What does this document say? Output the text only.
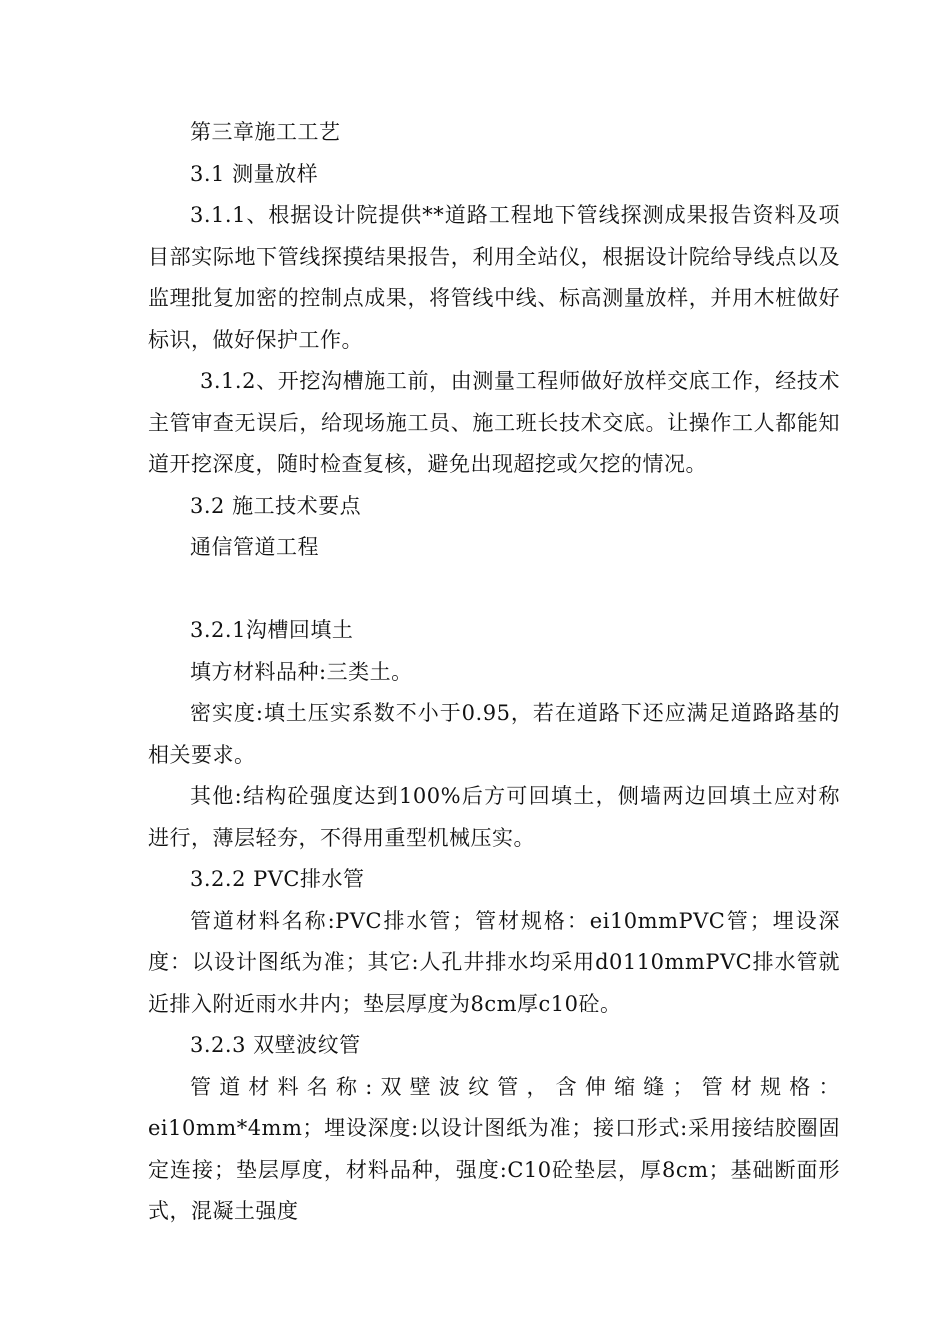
第三章施工工艺

3.1 测量放样

3.1.1、根据设计院提供**道路工程地下管线探测成果报告资料及项目部实际地下管线探摸结果报告，利用全站仪，根据设计院给导线点以及监理批复加密的控制点成果，将管线中线、标高测量放样，并用木桩做好标识，做好保护工作。

3.1.2、开挖沟槽施工前，由测量工程师做好放样交底工作，经技术主管审查无误后，给现场施工员、施工班长技术交底。让操作工人都能知道开挖深度，随时检查复核，避免出现超挖或欠挖的情况。

3.2 施工技术要点

通信管道工程

3.2.1沟槽回填土

填方材料品种:三类土。

密实度:填土压实系数不小于0.95，若在道路下还应满足道路路基的相关要求。

其他:结构砼强度达到100%后方可回填土，侧墙两边回填土应对称进行，薄层轻夯，不得用重型机械压实。

3.2.2 PVC排水管

管道材料名称:PVC排水管；管材规格：ei10mmPVC管；埋设深度：以设计图纸为准；其它:人孔井排水均采用d0110mmPVC排水管就近排入附近雨水井内；垫层厚度为8cm厚c10砼。

3.2.3 双壁波纹管

管道材料名称:双壁波纹管，含伸缩缝；管材规格：ei10mm*4mm；埋设深度:以设计图纸为准；接口形式:采用接结胶圈固定连接；垫层厚度，材料品种，强度:C10砼垫层，厚8cm；基础断面形式，混凝土强度
